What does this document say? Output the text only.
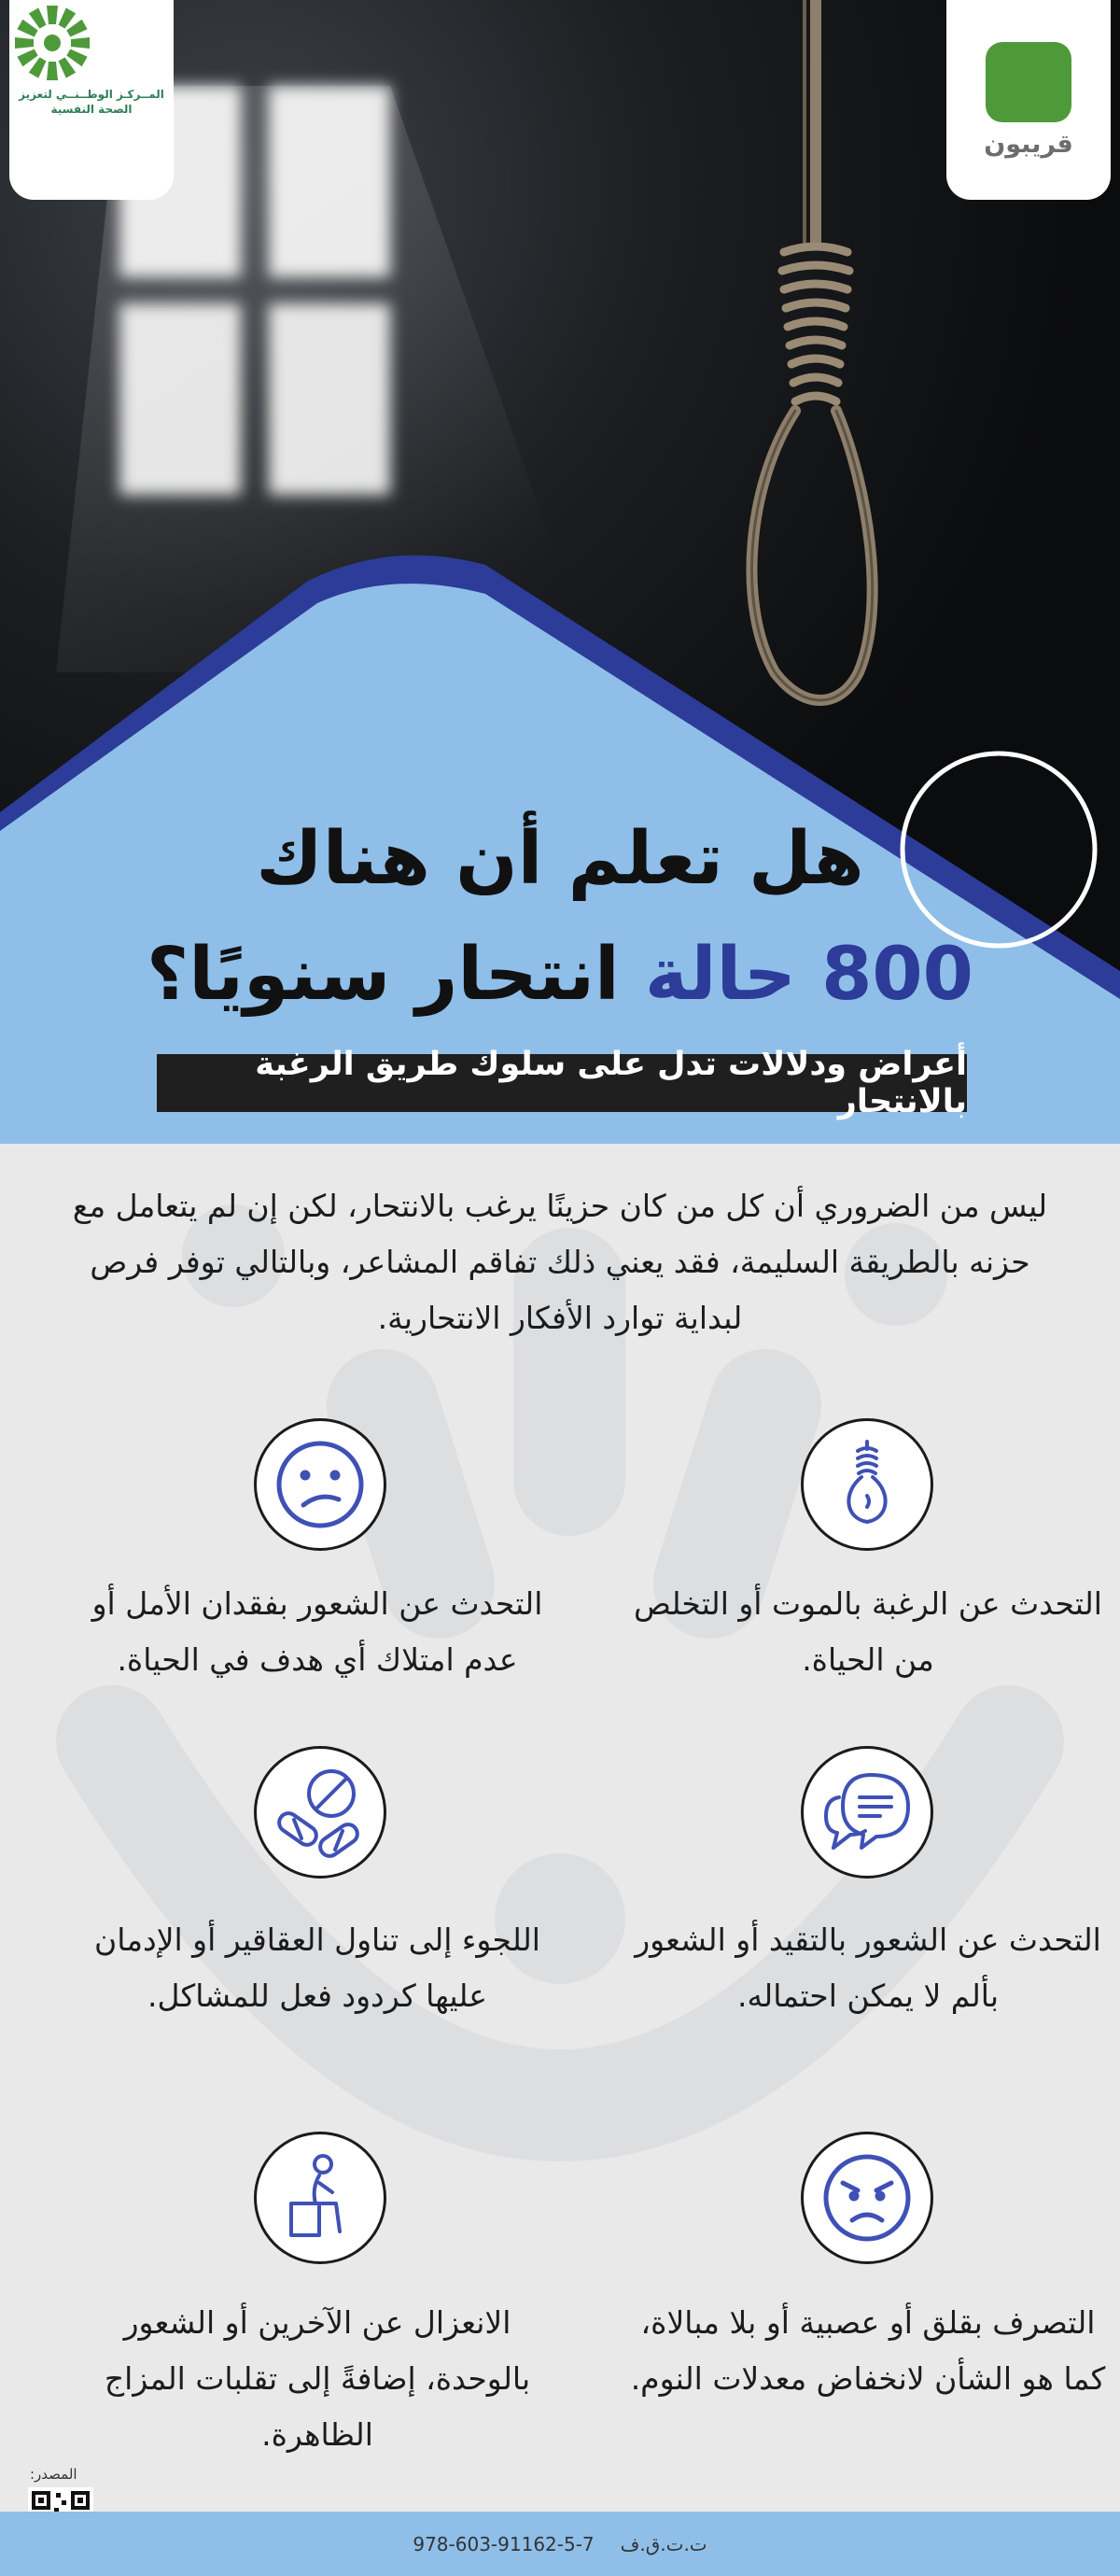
المــركـز الوطــنــي لتعزيز الصحة النفسية
قريبون
هل تعلم أن هناك
800 حالة انتحار سنويًا؟
أعراض ودلالات تدل على سلوك طريق الرغبة بالانتحار
ليس من الضروري أن كل من كان حزينًا يرغب بالانتحار، لكن إن لم يتعامل مع حزنه بالطريقة السليمة، فقد يعني ذلك تفاقم المشاعر، وبالتالي توفر فرص لبداية توارد الأفكار الانتحارية.
التحدث عن الرغبة بالموت أو التخلص من الحياة.
التحدث عن الشعور بفقدان الأمل أو عدم امتلاك أي هدف في الحياة.
التحدث عن الشعور بالتقيد أو الشعور بألم لا يمكن احتماله.
اللجوء إلى تناول العقاقير أو الإدمان عليها كردود فعل للمشاكل.
التصرف بقلق أو عصبية أو بلا مبالاة، كما هو الشأن لانخفاض معدلات النوم.
الانعزال عن الآخرين أو الشعور بالوحدة، إضافةً إلى تقلبات المزاج الظاهرة.
المصدر:
978-603-91162-5-7 ت.ت.ق.ف
